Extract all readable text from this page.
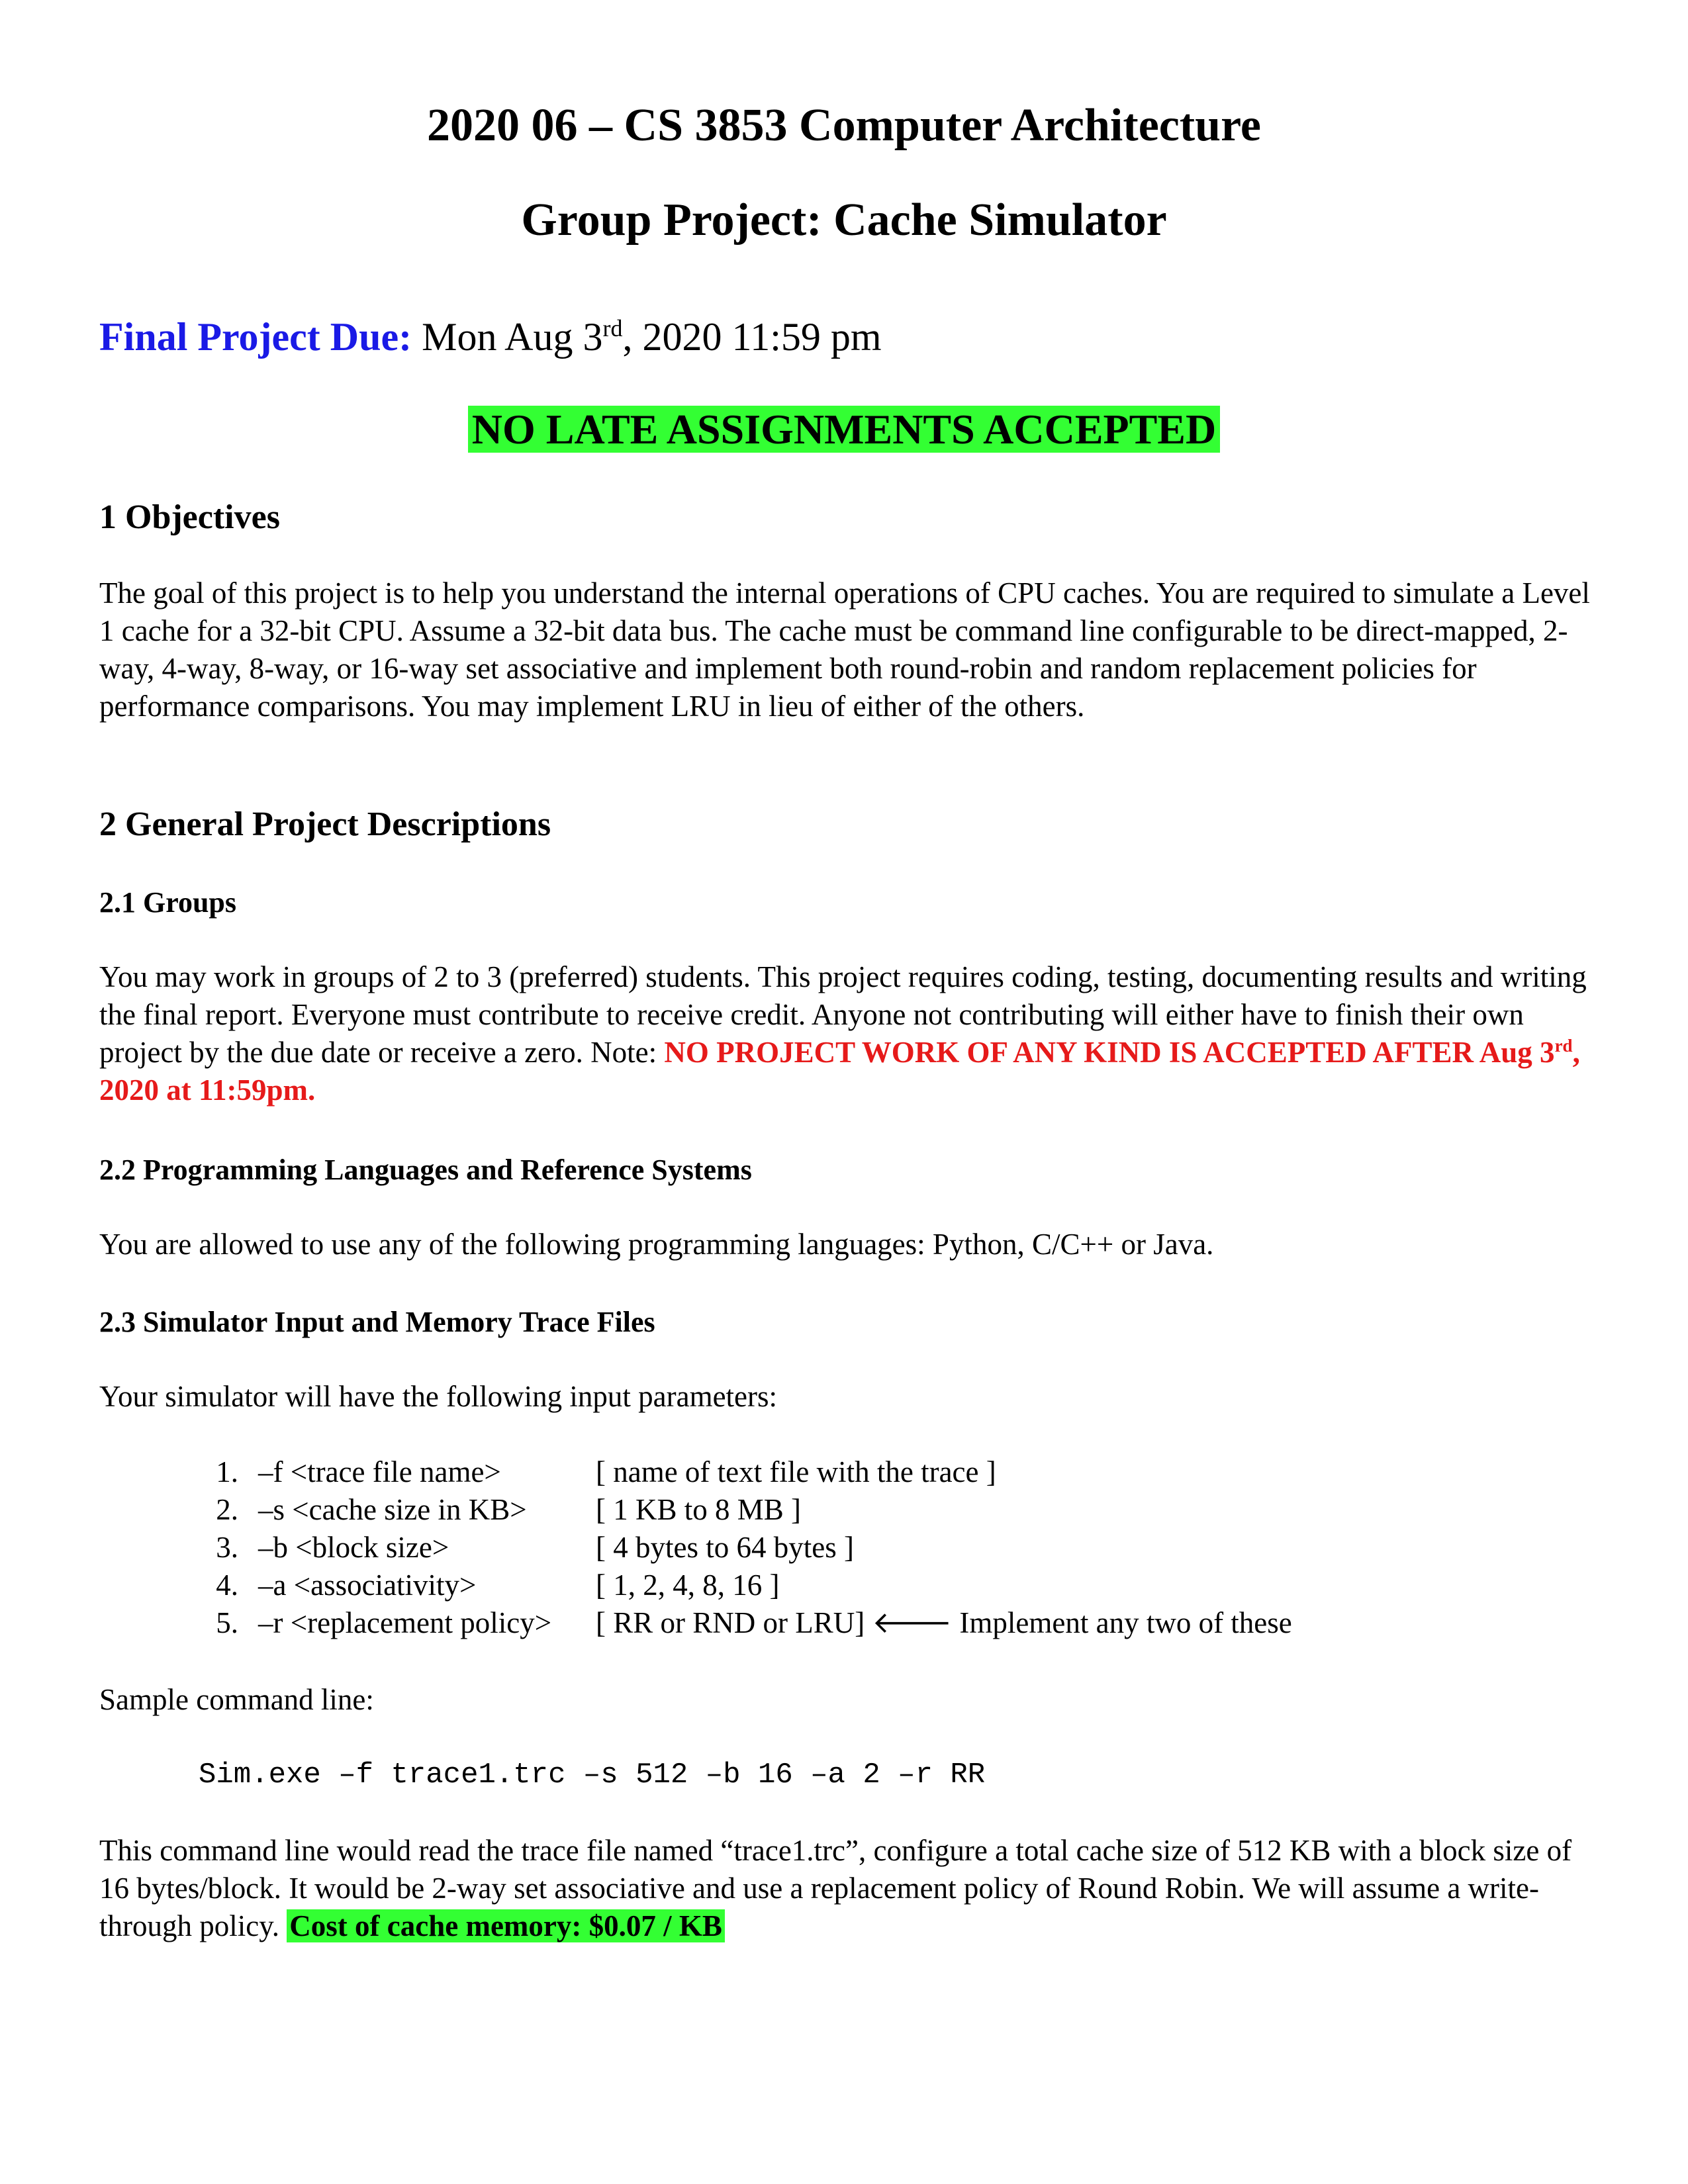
2020 06 – CS 3853 Computer Architecture
Group Project: Cache Simulator
Final Project Due: Mon Aug 3rd, 2020 11:59 pm
NO LATE ASSIGNMENTS ACCEPTED
1 Objectives
The goal of this project is to help you understand the internal operations of CPU caches. You are required to simulate a Level 1 cache for a 32-bit CPU. Assume a 32-bit data bus. The cache must be command line configurable to be direct-mapped, 2-way, 4-way, 8-way, or 16-way set associative and implement both round-robin and random replacement policies for performance comparisons. You may implement LRU in lieu of either of the others.
2 General Project Descriptions
2.1 Groups
You may work in groups of 2 to 3 (preferred) students. This project requires coding, testing, documenting results and writing the final report. Everyone must contribute to receive credit. Anyone not contributing will either have to finish their own project by the due date or receive a zero. Note: NO PROJECT WORK OF ANY KIND IS ACCEPTED AFTER Aug 3rd, 2020 at 11:59pm.
2.2 Programming Languages and Reference Systems
You are allowed to use any of the following programming languages: Python, C/C++ or Java.
2.3 Simulator Input and Memory Trace Files
Your simulator will have the following input parameters:
1. –f <trace file name>	[ name of text file with the trace ]
2. –s <cache size in KB> [ 1 KB to 8 MB ]
3. –b <block size>	[ 4 bytes to 64 bytes ]
4. –a <associativity>	[ 1, 2, 4, 8, 16 ]
5. –r <replacement policy> [ RR or RND or LRU] 🡐 Implement any two of these
Sample command line:
Sim.exe –f trace1.trc –s 512 –b 16 –a 2 –r RR
This command line would read the trace file named “trace1.trc”, configure a total cache size of 512 KB with a block size of 16 bytes/block. It would be 2-way set associative and use a replacement policy of Round Robin. We will assume a write-through policy. Cost of cache memory: $0.07 / KB
